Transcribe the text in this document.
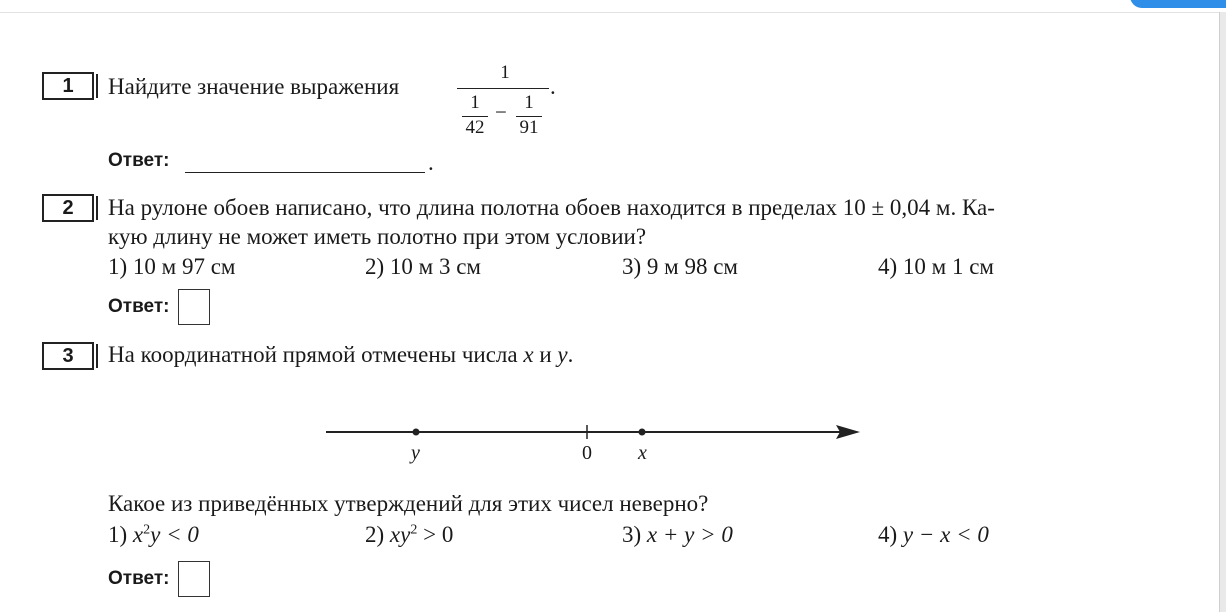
1	Найдите значение выражения
1
1
42
− 1
91
.
Ответ:	.
2	На рулоне обоев написано, что длина полотна обоев находится в пределах 10 ± 0,04 м. Ка-
кую длину не может иметь полотно при этом условии?
1) 10 м 97 см	2) 10 м 3 см	3) 9 м 98 см	4) 10 м 1 см
Ответ:
3	На координатной прямой отмечены числа x и y.
y	0 x
Какое из приведённых утверждений для этих чисел неверно?
1) $x^2y < 0$	2) $xy^2 > 0$	3) x + y > 0	4) y − x < 0
Ответ:
